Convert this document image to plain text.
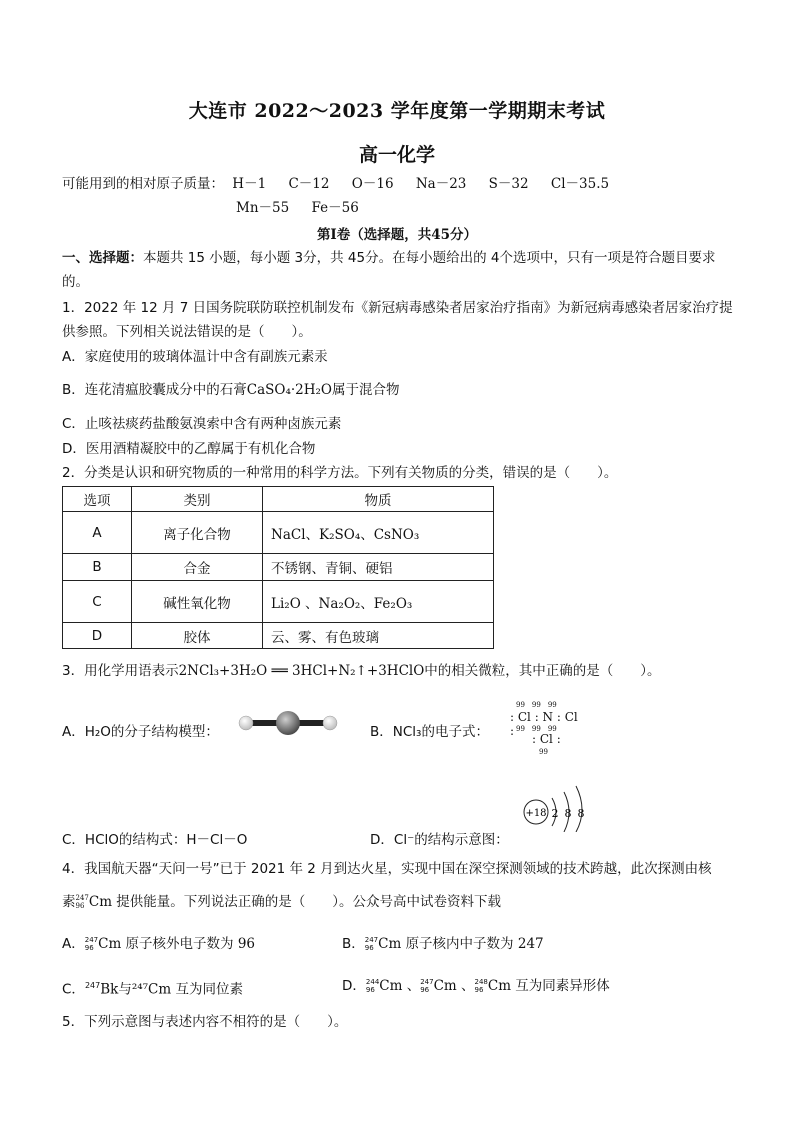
大连市 2022～2023 学年度第一学期期末考试
高一化学
可能用到的相对原子质量： H－1 C－12 O－16 Na－23 S－32 Cl－35.5
Mn－55 Fe－56
第Ⅰ卷（选择题，共45分）
一、选择题：本题共 15 小题，每小题 3分，共 45分。在每小题给出的 4个选项中，只有一项是符合题目要求的。
1．2022 年 12 月 7 日国务院联防联控机制发布《新冠病毒感染者居家治疗指南》为新冠病毒感染者居家治疗提供参照。下列相关说法错误的是（　　）。
A．家庭使用的玻璃体温计中含有副族元素汞
B．连花清瘟胶囊成分中的石膏CaSO₄·2H₂O属于混合物
C．止咳祛痰药盐酸氨溴索中含有两种卤族元素
D．医用酒精凝胶中的乙醇属于有机化合物
2．分类是认识和研究物质的一种常用的科学方法。下列有关物质的分类，错误的是（　　）。
选项	类别	物质
A	离子化合物	NaCl、K₂SO₄、CsNO₃
B	合金	不锈钢、青铜、硬铝
C	碱性氧化物	Li₂O 、Na₂O₂、Fe₂O₃
D	胶体	云、雾、有色玻璃
3．用化学用语表示2NCl₃+3H₂O ══ 3HCl+N₂↑+3HClO中的相关微粒，其中正确的是（　　）。
A．H₂O的分子结构模型：	B．NCl₃的电子式：
99　99　99
: Cl : N : Cl : 99　99　99
: Cl :
99
C．HClO的结构式：H－Cl－O	D．Cl⁻的结构示意图：
+18 2 8 8
4．我国航天器“天问一号”已于 2021 年 2 月到达火星，实现中国在深空探测领域的技术跨越，此次探测由核
素247
96 Cm 提供能量。下列说法正确的是（　　）。公众号高中试卷资料下载
A．247
96 Cm 原子核外电子数为 96	B．247
96 Cm 原子核内中子数为 247
C．$^{247}$Bk与²⁴⁷Cm 互为同位素	D．244
96 Cm 、247
96 Cm 、248
96 Cm 互为同素异形体
5．下列示意图与表述内容不相符的是（　　）。
